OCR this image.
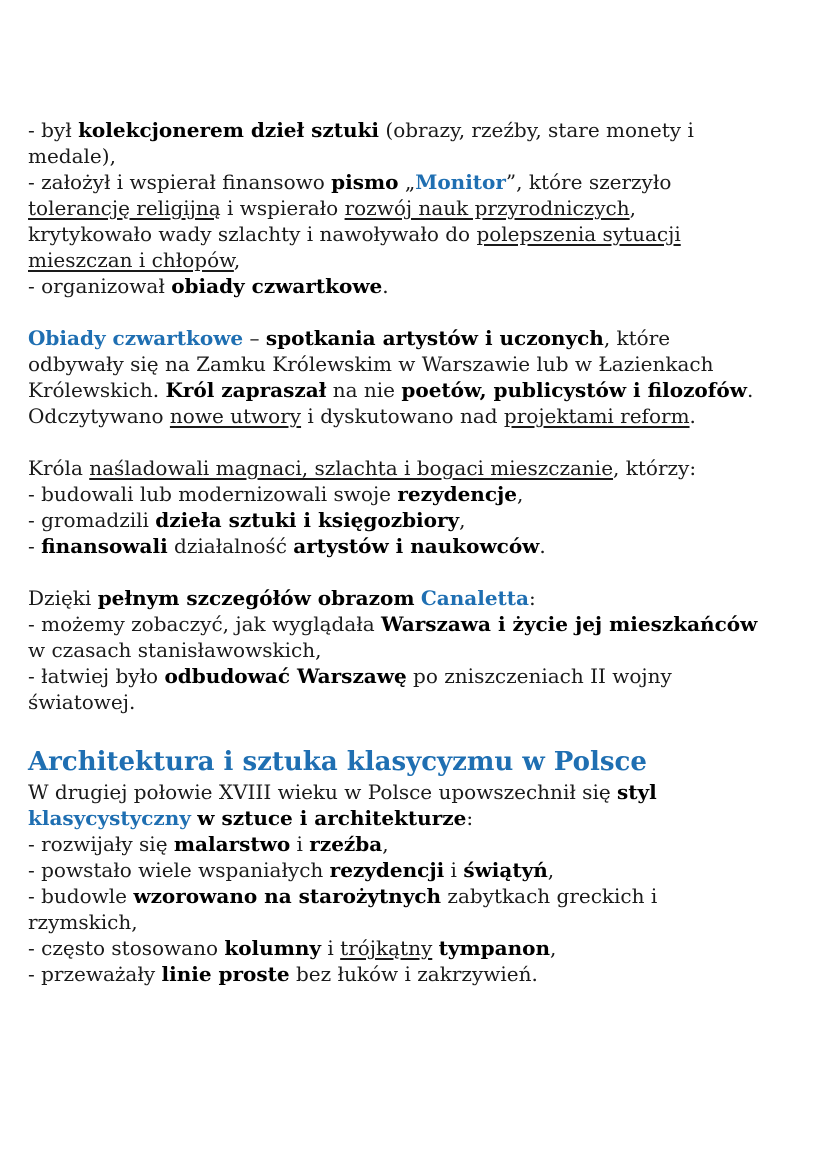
- był kolekcjonerem dzieł sztuki (obrazy, rzeźby, stare monety i

medale),

- założył i wspierał finansowo pismo „Monitor”, które szerzyło

tolerancję religijną i wspierało rozwój nauk przyrodniczych,

krytykowało wady szlachty i nawoływało do polepszenia sytuacji

mieszczan i chłopów,

- organizował obiady czwartkowe.

Obiady czwartkowe – spotkania artystów i uczonych, które

odbywały się na Zamku Królewskim w Warszawie lub w Łazienkach

Królewskich. Król zapraszał na nie poetów, publicystów i filozofów.

Odczytywano nowe utwory i dyskutowano nad projektami reform.

Króla naśladowali magnaci, szlachta i bogaci mieszczanie, którzy:

- budowali lub modernizowali swoje rezydencje,

- gromadzili dzieła sztuki i księgozbiory,

- finansowali działalność artystów i naukowców.

Dzięki pełnym szczegółów obrazom Canaletta:

- możemy zobaczyć, jak wyglądała Warszawa i życie jej mieszkańców

w czasach stanisławowskich,

- łatwiej było odbudować Warszawę po zniszczeniach II wojny

światowej.

Architektura i sztuka klasycyzmu w Polsce

W drugiej połowie XVIII wieku w Polsce upowszechnił się styl

klasycystyczny w sztuce i architekturze:

- rozwijały się malarstwo i rzeźba,

- powstało wiele wspaniałych rezydencji i świątyń,

- budowle wzorowano na starożytnych zabytkach greckich i

rzymskich,

- często stosowano kolumny i trójkątny tympanon,

- przeważały linie proste bez łuków i zakrzywień.
